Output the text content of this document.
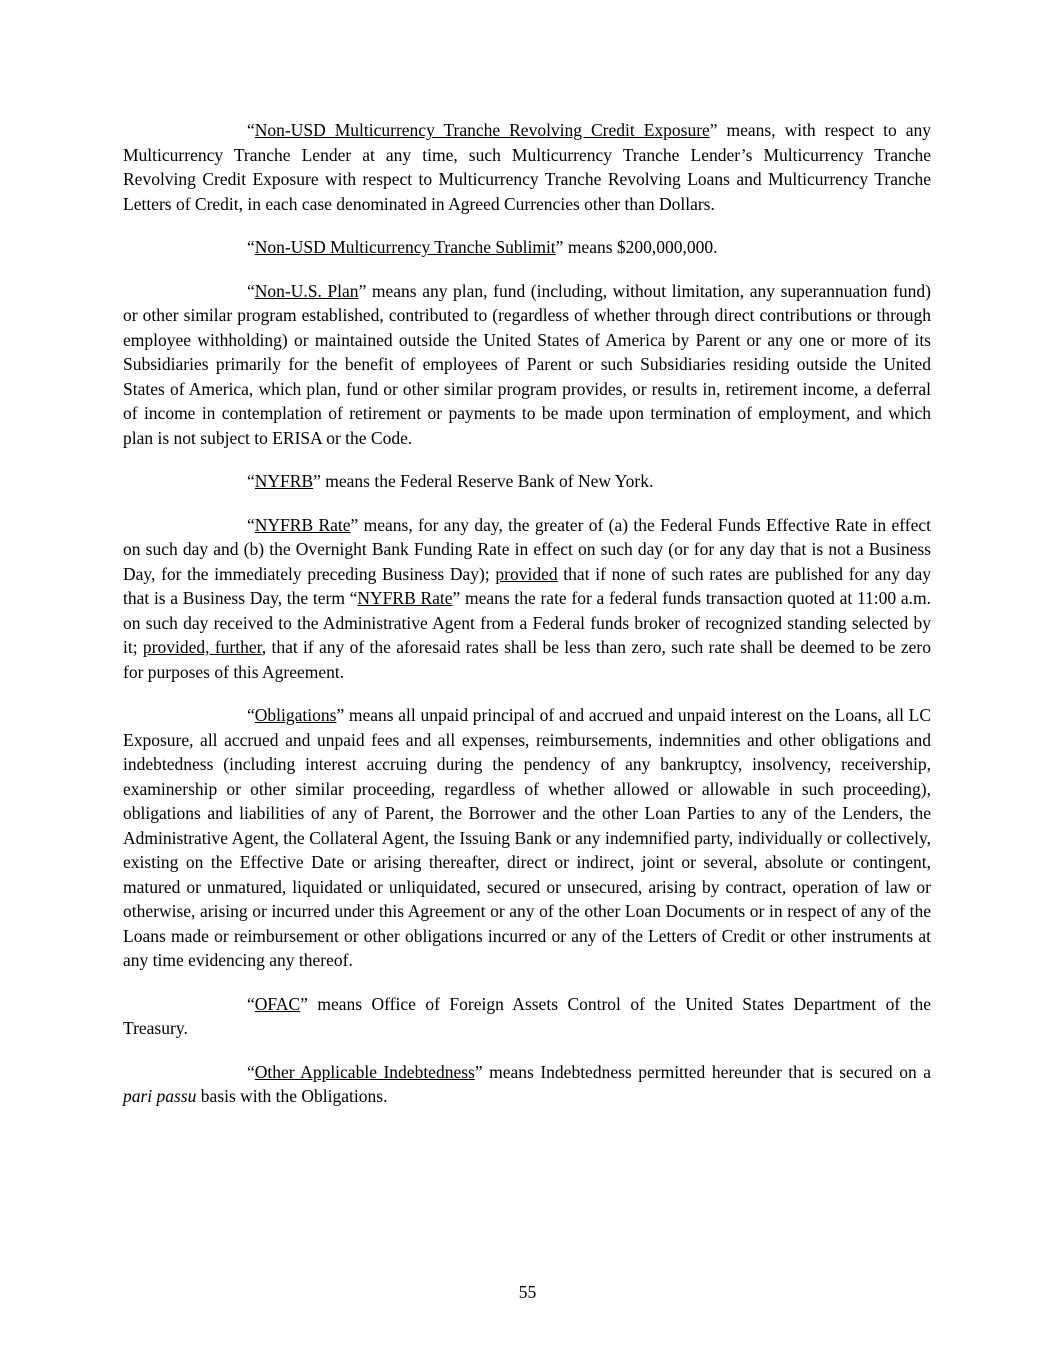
“Non-USD Multicurrency Tranche Revolving Credit Exposure” means, with respect to any Multicurrency Tranche Lender at any time, such Multicurrency Tranche Lender’s Multicurrency Tranche Revolving Credit Exposure with respect to Multicurrency Tranche Revolving Loans and Multicurrency Tranche Letters of Credit, in each case denominated in Agreed Currencies other than Dollars.

“Non-USD Multicurrency Tranche Sublimit” means $200,000,000.

“Non-U.S. Plan” means any plan, fund (including, without limitation, any superannuation fund) or other similar program established, contributed to (regardless of whether through direct contributions or through employee withholding) or maintained outside the United States of America by Parent or any one or more of its Subsidiaries primarily for the benefit of employees of Parent or such Subsidiaries residing outside the United States of America, which plan, fund or other similar program provides, or results in, retirement income, a deferral of income in contemplation of retirement or payments to be made upon termination of employment, and which plan is not subject to ERISA or the Code.

“NYFRB” means the Federal Reserve Bank of New York.

“NYFRB Rate” means, for any day, the greater of (a) the Federal Funds Effective Rate in effect on such day and (b) the Overnight Bank Funding Rate in effect on such day (or for any day that is not a Business Day, for the immediately preceding Business Day); provided that if none of such rates are published for any day that is a Business Day, the term “NYFRB Rate” means the rate for a federal funds transaction quoted at 11:00 a.m. on such day received to the Administrative Agent from a Federal funds broker of recognized standing selected by it; provided, further, that if any of the aforesaid rates shall be less than zero, such rate shall be deemed to be zero for purposes of this Agreement.

“Obligations” means all unpaid principal of and accrued and unpaid interest on the Loans, all LC Exposure, all accrued and unpaid fees and all expenses, reimbursements, indemnities and other obligations and indebtedness (including interest accruing during the pendency of any bankruptcy, insolvency, receivership, examinership or other similar proceeding, regardless of whether allowed or allowable in such proceeding), obligations and liabilities of any of Parent, the Borrower and the other Loan Parties to any of the Lenders, the Administrative Agent, the Collateral Agent, the Issuing Bank or any indemnified party, individually or collectively, existing on the Effective Date or arising thereafter, direct or indirect, joint or several, absolute or contingent, matured or unmatured, liquidated or unliquidated, secured or unsecured, arising by contract, operation of law or otherwise, arising or incurred under this Agreement or any of the other Loan Documents or in respect of any of the Loans made or reimbursement or other obligations incurred or any of the Letters of Credit or other instruments at any time evidencing any thereof.

“OFAC” means Office of Foreign Assets Control of the United States Department of the Treasury.

“Other Applicable Indebtedness” means Indebtedness permitted hereunder that is secured on a pari passu basis with the Obligations.

55
